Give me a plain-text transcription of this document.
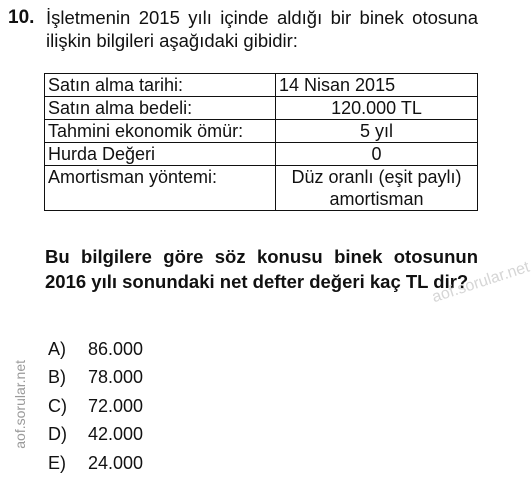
10. İşletmenin 2015 yılı içinde aldığı bir binek otosuna ilişkin bilgileri aşağıdaki gibidir:
Satın alma tarihi:	14 Nisan 2015
Satın alma bedeli:	120.000 TL
Tahmini ekonomik ömür:	5 yıl
Hurda Değeri	0
Amortisman yöntemi:	Düz oranlı (eşit paylı) amortisman
Bu bilgilere göre söz konusu binek otosunun 2016 yılı sonundaki net defter değeri kaç TL dir?
aof.sorular.net
A)	86.000
B)	78.000
C)	72.000
D)	42.000
E)	24.000
aof.sorular.net
